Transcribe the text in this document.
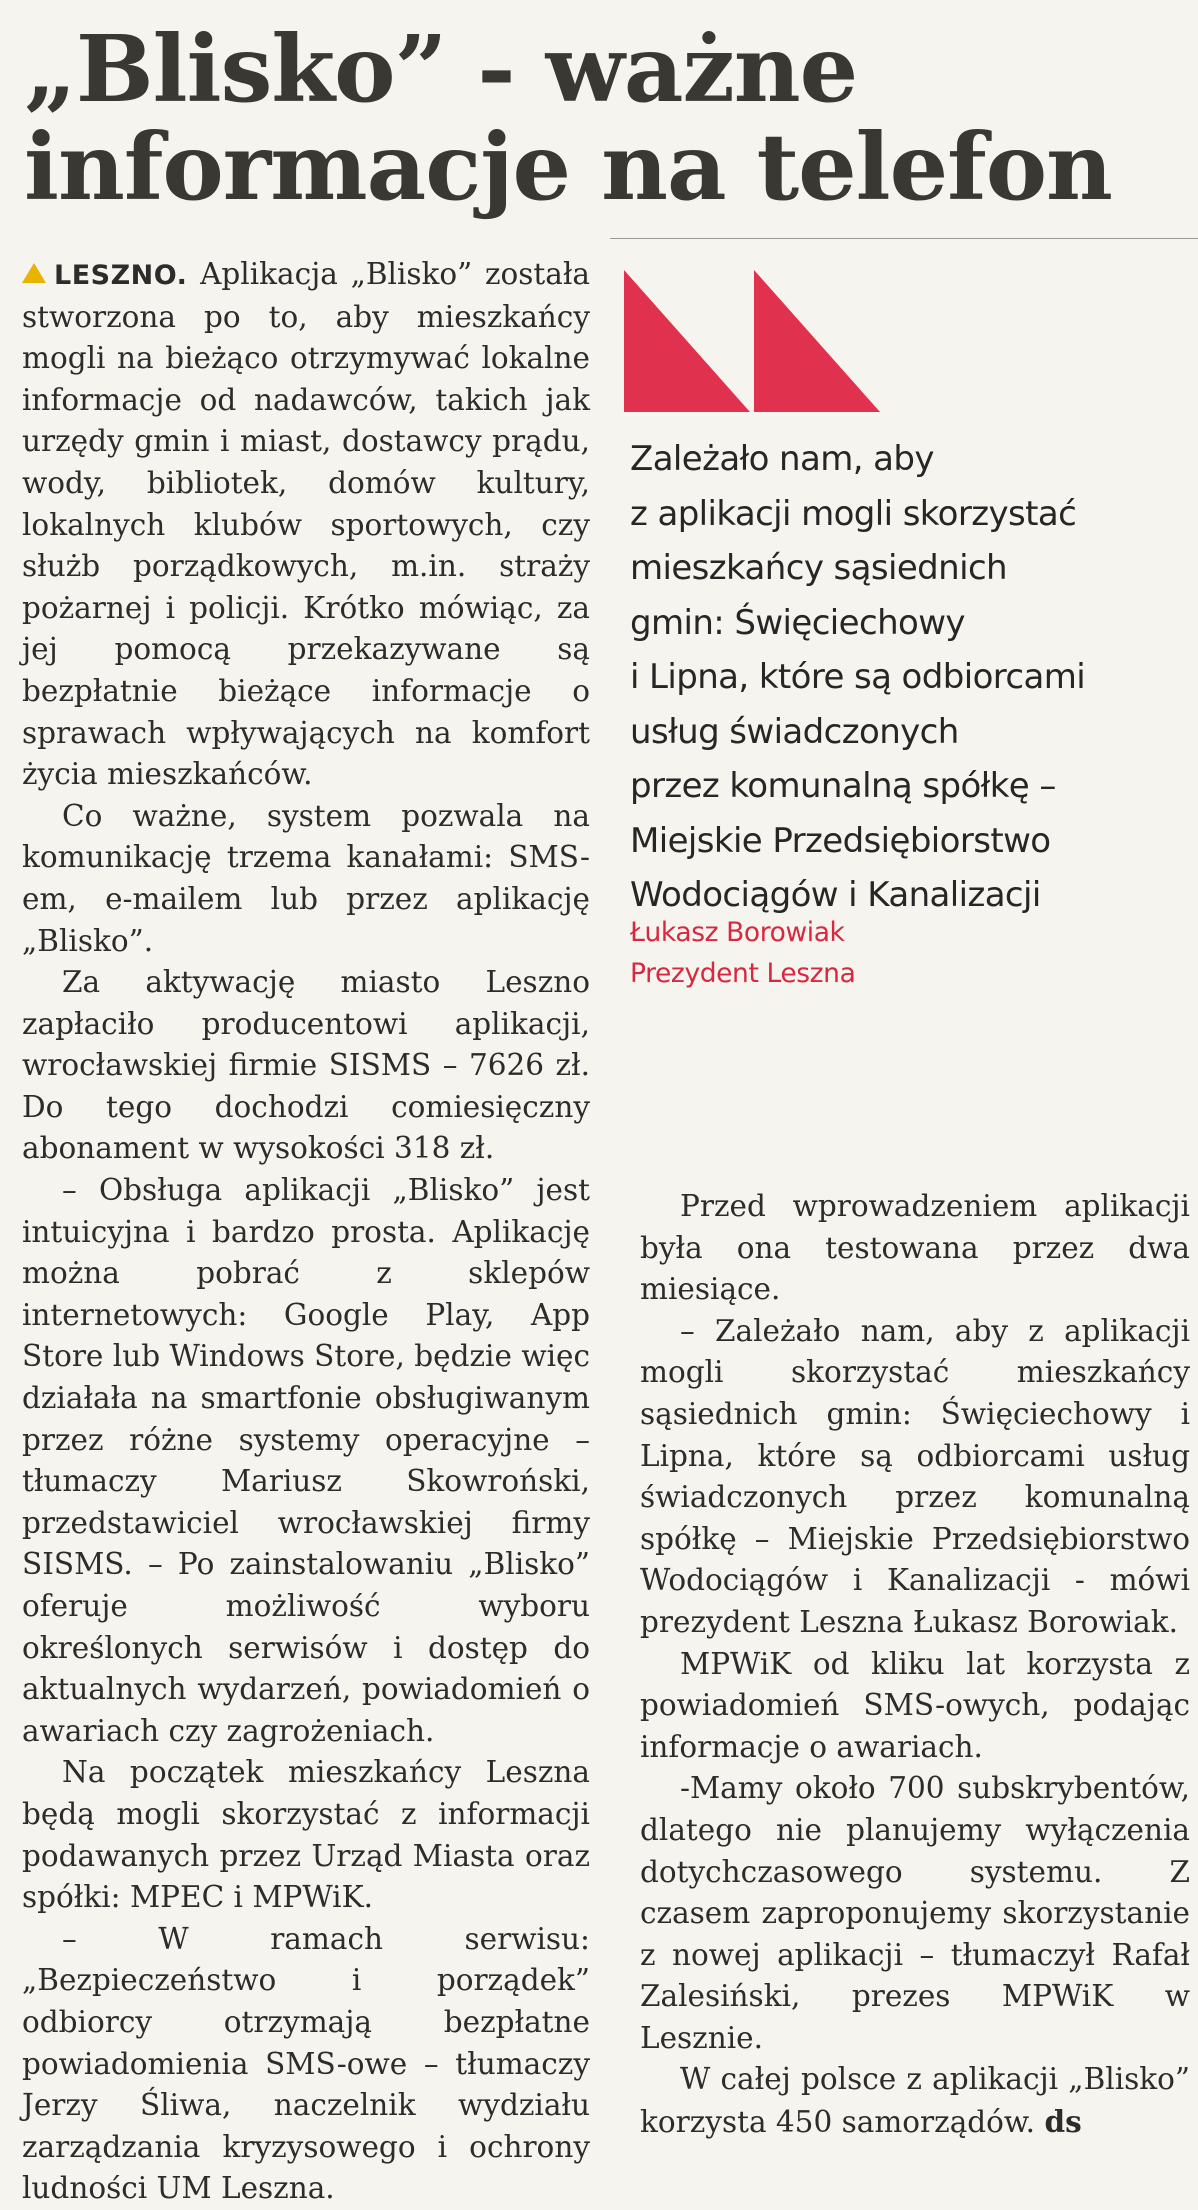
„Blisko” - ważne
informacje na telefon

LESZNO. Aplikacja „Blisko” została stworzona po to, aby mieszkańcy mogli na bieżąco otrzymywać lokalne informacje od nadawców, takich jak urzędy gmin i miast, dostawcy prądu, wody, bibliotek, domów kultury, lokalnych klubów sportowych, czy służb porządkowych, m.in. straży pożarnej i policji. Krótko mówiąc, za jej pomocą przekazywane są bezpłatnie bieżące informacje o sprawach wpływających na komfort życia mieszkańców.

Co ważne, system pozwala na komunikację trzema kanałami: SMS-em, e-mailem lub przez aplikację „Blisko”.

Za aktywację miasto Leszno zapłaciło producentowi aplikacji, wrocławskiej firmie SISMS – 7626 zł. Do tego dochodzi comiesięczny abonament w wysokości 318 zł.

– Obsługa aplikacji „Blisko” jest intuicyjna i bardzo prosta. Aplikację można pobrać z sklepów internetowych: Google Play, App Store lub Windows Store, będzie więc działała na smartfonie obsługiwanym przez różne systemy operacyjne – tłumaczy Mariusz Skowroński, przedstawiciel wrocławskiej firmy SISMS. – Po zainstalowaniu „Blisko” oferuje możliwość wyboru określonych serwisów i dostęp do aktualnych wydarzeń, powiadomień o awariach czy zagrożeniach.

Na początek mieszkańcy Leszna będą mogli skorzystać z informacji podawanych przez Urząd Miasta oraz spółki: MPEC i MPWiK.

– W ramach serwisu: „Bezpieczeństwo i porządek” odbiorcy otrzymają bezpłatne powiadomienia SMS-owe – tłumaczy Jerzy Śliwa, naczelnik wydziału zarządzania kryzysowego i ochrony ludności UM Leszna.

Zależało nam, aby

z aplikacji mogli skorzystać

mieszkańcy sąsiednich

gmin: Święciechowy

i Lipna, które są odbiorcami

usług świadczonych

przez komunalną spółkę –

Miejskie Przedsiębiorstwo

Wodociągów i Kanalizacji

Łukasz Borowiak
Prezydent Leszna

Przed wprowadzeniem aplikacji była ona testowana przez dwa miesiące.

– Zależało nam, aby z aplikacji mogli skorzystać mieszkańcy sąsiednich gmin: Święciechowy i Lipna, które są odbiorcami usług świadczonych przez komunalną spółkę – Miejskie Przedsiębiorstwo Wodociągów i Kanalizacji - mówi prezydent Leszna Łukasz Borowiak.

MPWiK od kliku lat korzysta z powiadomień SMS-owych, podając informacje o awariach.

-Mamy około 700 subskrybentów, dlatego nie planujemy wyłączenia dotychczasowego systemu. Z czasem zaproponujemy skorzystanie z nowej aplikacji – tłumaczył Rafał Zalesiński, prezes MPWiK w Lesznie.

W całej polsce z aplikacji „Blisko” korzysta 450 samorządów. ds
